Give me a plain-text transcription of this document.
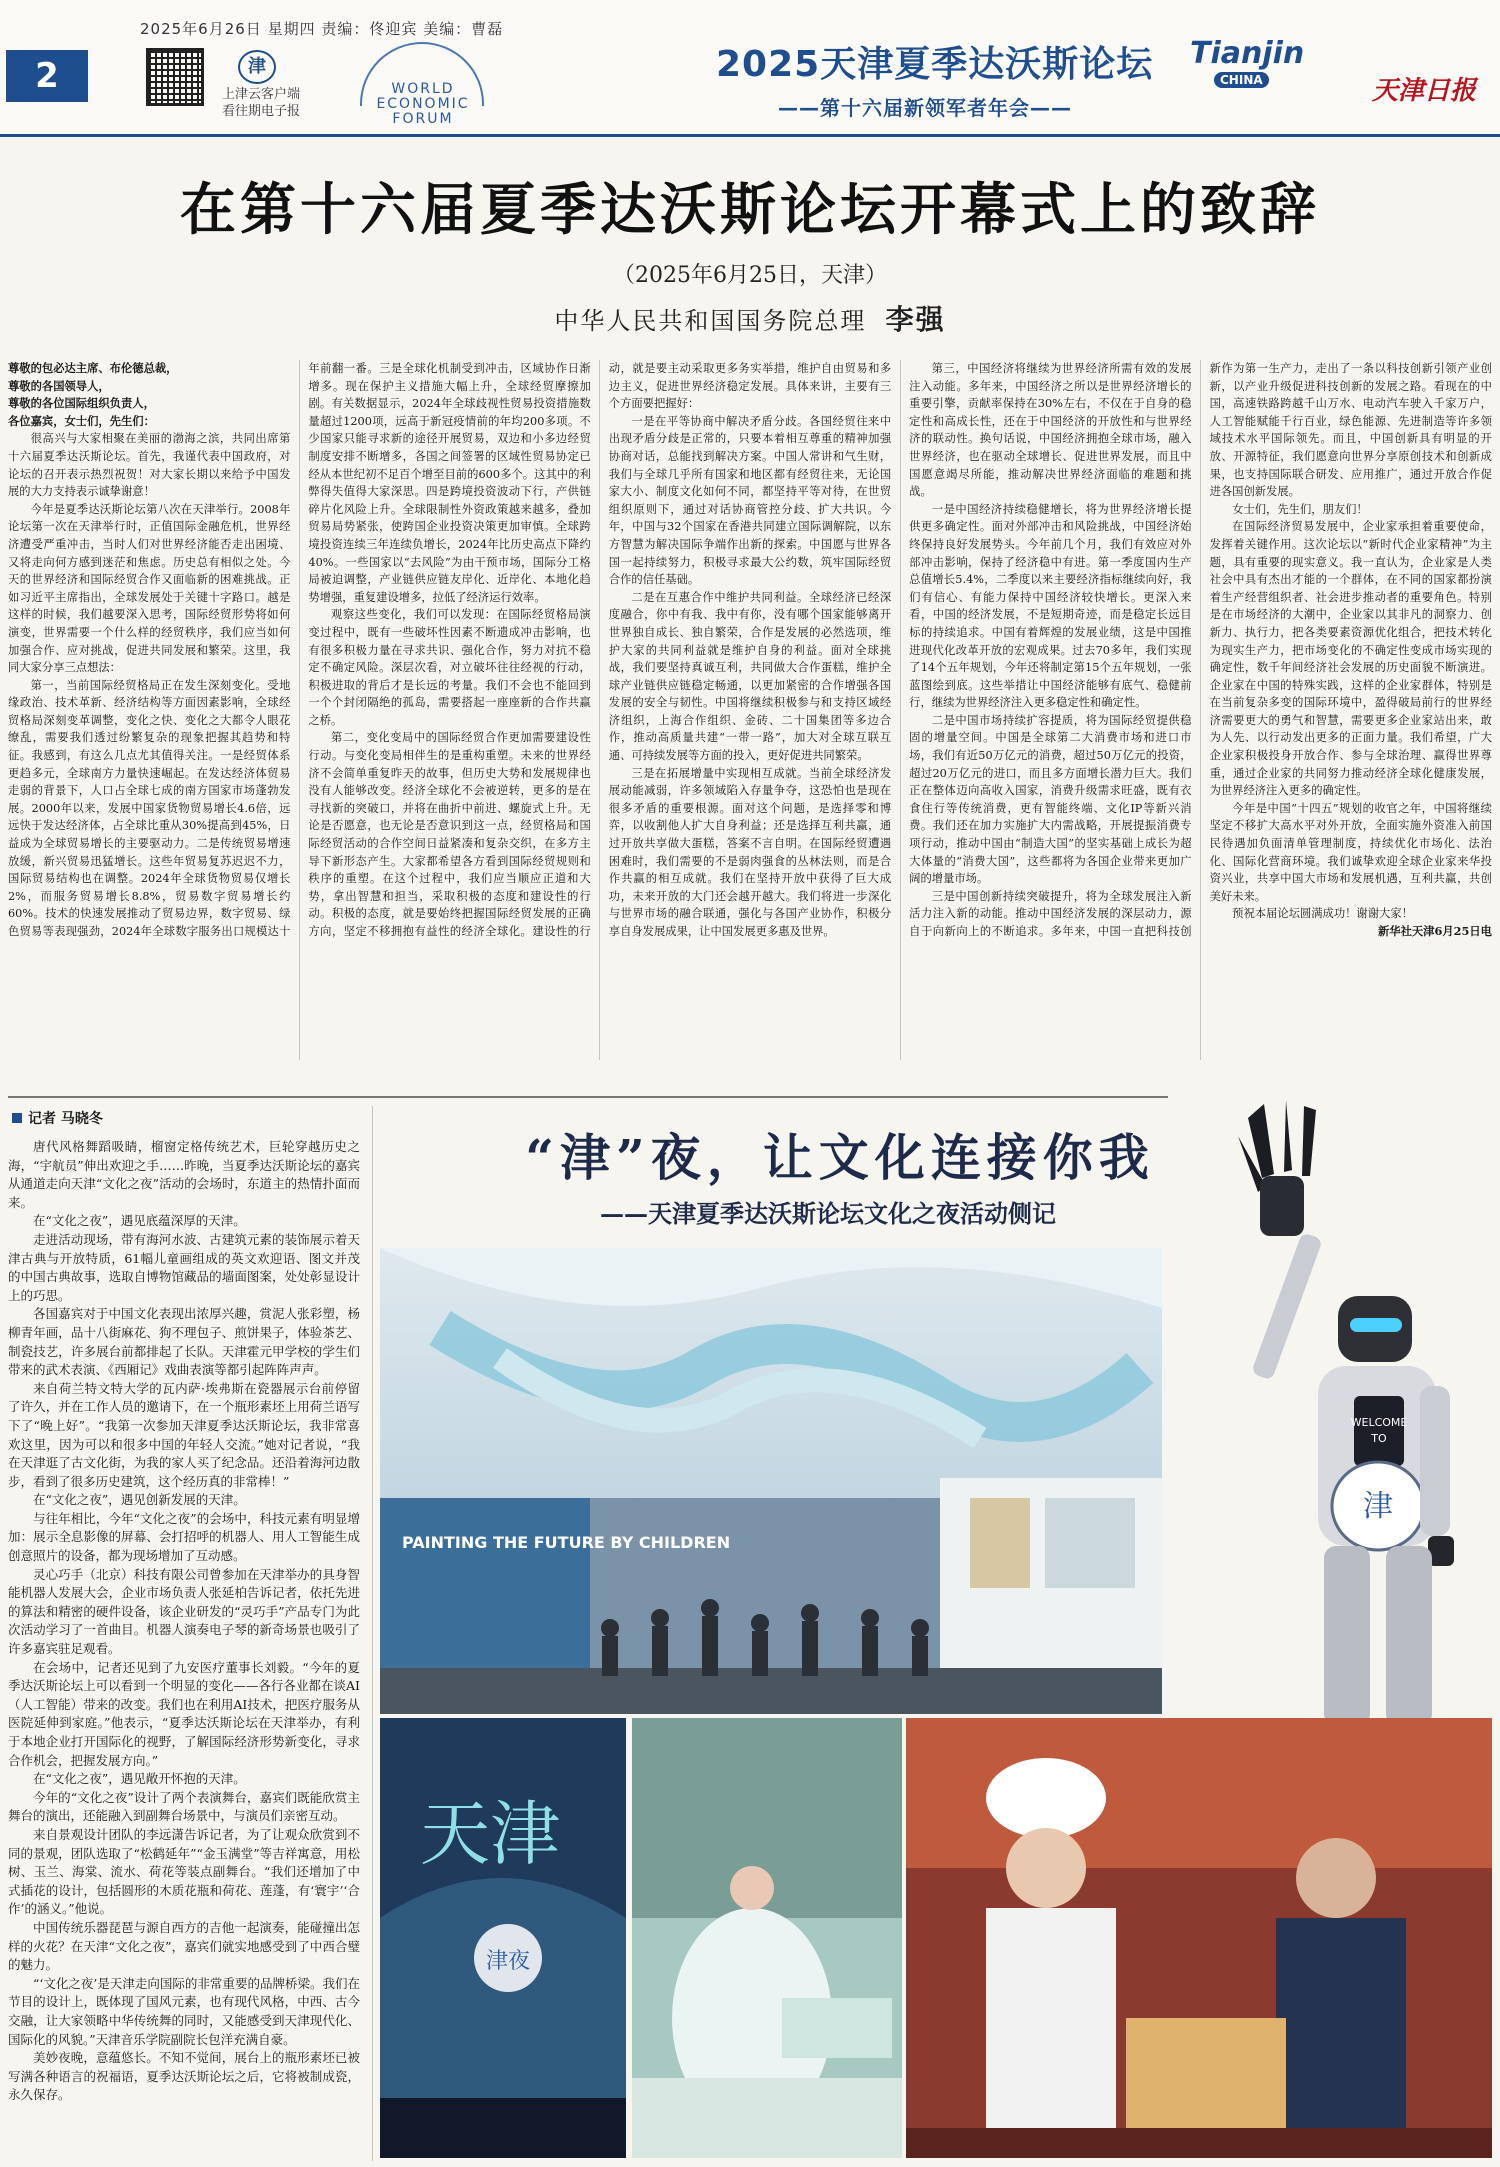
2
2025年6月26日 星期四 责编：佟迎宾 美编：曹磊
津
上津云客户端
看往期电子报
WORLD
ECONOMIC
FORUM
2025天津夏季达沃斯论坛
——第十六届新领军者年会——
Tianjin
CHINA	天津日报
在第十六届夏季达沃斯论坛开幕式上的致辞
（2025年6月25日，天津）
中华人民共和国国务院总理 李强

尊敬的包必达主席、布伦德总裁，

尊敬的各国领导人，

尊敬的各位国际组织负责人，

各位嘉宾，女士们，先生们：

很高兴与大家相聚在美丽的渤海之滨，共同出席第十六届夏季达沃斯论坛。首先，我谨代表中国政府，对论坛的召开表示热烈祝贺！对大家长期以来给予中国发展的大力支持表示诚挚谢意！

今年是夏季达沃斯论坛第八次在天津举行。2008年论坛第一次在天津举行时，正值国际金融危机，世界经济遭受严重冲击，当时人们对世界经济能否走出困境、又将走向何方感到迷茫和焦虑。历史总有相似之处。今天的世界经济和国际经贸合作又面临新的困难挑战。正如习近平主席指出，全球发展处于关键十字路口。越是这样的时候，我们越要深入思考，国际经贸形势将如何演变，世界需要一个什么样的经贸秩序，我们应当如何加强合作、应对挑战，促进共同发展和繁荣。这里，我同大家分享三点想法：

第一，当前国际经贸格局正在发生深刻变化。受地缘政治、技术革新、经济结构等方面因素影响，全球经贸格局深刻变革调整，变化之快、变化之大都令人眼花缭乱，需要我们透过纷繁复杂的现象把握其趋势和特征。我感到，有这么几点尤其值得关注。一是经贸体系更趋多元，全球南方力量快速崛起。在发达经济体贸易走弱的背景下，人口占全球七成的南方国家市场蓬勃发展。2000年以来，发展中国家货物贸易增长4.6倍，远远快于发达经济体，占全球比重从30%提高到45%，日益成为全球贸易增长的主要驱动力。二是传统贸易增速放缓，新兴贸易迅猛增长。这些年贸易复苏迟迟不力，国际贸易结构也在调整。2024年全球货物贸易仅增长2%，而服务贸易增长8.8%，贸易数字贸易增长约60%。技术的快速发展推动了贸易边界，数字贸易、绿色贸易等表现强劲，2024年全球数字服务出口规模达十年前翻一番。三是全球化机制受到冲击，区域协作日渐增多。现在保护主义措施大幅上升，全球经贸摩擦加剧。有关数据显示，2024年全球歧视性贸易投资措施数量超过1200项，远高于新冠疫情前的年均200多项。不少国家只能寻求新的途径开展贸易，双边和小多边经贸制度安排不断增多，各国之间签署的区域性贸易协定已经从本世纪初不足百个增至目前的600多个。这其中的利弊得失值得大家深思。四是跨境投资波动下行，产供链碎片化风险上升。全球限制性外资政策越来越多，叠加贸易局势紧张，使跨国企业投资决策更加审慎。全球跨境投资连续三年连续负增长，2024年比历史高点下降约40%。一些国家以“去风险”为由干预市场，国际分工格局被迫调整，产业链供应链友岸化、近岸化、本地化趋势增强，重复建设增多，拉低了经济运行效率。

观察这些变化，我们可以发现：在国际经贸格局演变过程中，既有一些破坏性因素不断遗成冲击影响，也有很多积极力量在寻求共识、强化合作，努力对抗不稳定不确定风险。深层次看，对立破坏往往经视的行动，积极进取的背后才是长远的考量。我们不会也不能回到一个个封闭隔绝的孤岛，需要搭起一座座新的合作共赢之桥。

第二，变化变局中的国际经贸合作更加需要建设性行动。与变化变局相伴生的是重构重塑。未来的世界经济不会简单重复昨天的故事，但历史大势和发展规律也没有人能够改变。经济全球化不会被逆转，更多的是在寻找新的突破口，并将在曲折中前进、螺旋式上升。无论是否愿意，也无论是否意识到这一点，经贸格局和国际经贸活动的合作空间日益紧凑和复杂交织，在多方主导下新形态产生。大家都希望各方看到国际经贸规则和秩序的重塑。在这个过程中，我们应当顺应正道和大势，拿出智慧和担当，采取积极的态度和建设性的行动。积极的态度，就是要始终把握国际经贸发展的正确方向，坚定不移拥抱有益性的经济全球化。建设性的行动，就是要主动采取更多务实举措，维护自由贸易和多边主义，促进世界经济稳定发展。具体来讲，主要有三个方面要把握好：

一是在平等协商中解决矛盾分歧。各国经贸往来中出现矛盾分歧是正常的，只要本着相互尊重的精神加强协商对话，总能找到解决方案。中国人常讲和气生财，我们与全球几乎所有国家和地区都有经贸往来，无论国家大小、制度文化如何不同，都坚持平等对待，在世贸组织原则下，通过对话协商管控分歧、扩大共识。今年，中国与32个国家在香港共同建立国际调解院，以东方智慧为解决国际争端作出新的探索。中国愿与世界各国一起持续努力，积极寻求最大公约数，筑牢国际经贸合作的信任基础。

二是在互惠合作中维护共同利益。全球经济已经深度融合，你中有我、我中有你，没有哪个国家能够离开世界独自成长、独自繁荣，合作是发展的必然选项，维护大家的共同利益就是维护自身的利益。面对全球挑战，我们要坚持真诚互利，共同做大合作蛋糕，维护全球产业链供应链稳定畅通，以更加紧密的合作增强各国发展的安全与韧性。中国将继续积极参与和支持区域经济组织，上海合作组织、金砖、二十国集团等多边合作，推动高质量共建“一带一路”，加大对全球互联互通、可持续发展等方面的投入，更好促进共同繁荣。

三是在拓展增量中实现相互成就。当前全球经济发展动能减弱，许多领域陷入存量争夺，这恐怕也是现在很多矛盾的重要根源。面对这个问题，是选择零和博弈，以收割他人扩大自身利益；还是选择互利共赢，通过开放共享做大蛋糕，答案不言自明。在国际经贸遭遇困难时，我们需要的不是弱肉强食的丛林法则，而是合作共赢的相互成就。我们在坚持开放中获得了巨大成功，未来开放的大门还会越开越大。我们将进一步深化与世界市场的融合联通，强化与各国产业协作，积极分享自身发展成果，让中国发展更多惠及世界。

第三，中国经济将继续为世界经济所需有效的发展注入动能。多年来，中国经济之所以是世界经济增长的重要引擎，贡献率保持在30%左右，不仅在于自身的稳定性和高成长性，还在于中国经济的开放性和与世界经济的联动性。换句话说，中国经济拥抱全球市场，融入世界经济，也在驱动全球增长、促进世界发展，而且中国愿意竭尽所能，推动解决世界经济面临的难题和挑战。

一是中国经济持续稳健增长，将为世界经济增长提供更多确定性。面对外部冲击和风险挑战，中国经济始终保持良好发展势头。今年前几个月，我们有效应对外部冲击影响，保持了经济稳中有进。第一季度国内生产总值增长5.4%，二季度以来主要经济指标继续向好，我们有信心、有能力保持中国经济较快增长。更深入来看，中国的经济发展，不是短期奇迹，而是稳定长远目标的持续追求。中国有着辉煌的发展业绩，这是中国推进现代化改革开放的宏观成果。过去70多年，我们实现了14个五年规划，今年还将制定第15个五年规划，一张蓝图绘到底。这些举措让中国经济能够有底气、稳健前行，继续为世界经济注入更多稳定性和确定性。

二是中国市场持续扩容提质，将为国际经贸提供稳固的增量空间。中国是全球第二大消费市场和进口市场，我们有近50万亿元的消费，超过50万亿元的投资，超过20万亿元的进口，而且多方面增长潜力巨大。我们正在整体迈向高收入国家，消费升级需求旺盛，既有衣食住行等传统消费，更有智能终端、文化IP等新兴消费。我们还在加力实施扩大内需战略，开展提振消费专项行动，推动中国由“制造大国”的坚实基础上成长为超大体量的“消费大国”，这些都将为各国企业带来更加广阔的增量市场。

三是中国创新持续突破提升，将为全球发展注入新活力注入新的动能。推动中国经济发展的深层动力，源自于向新向上的不断追求。多年来，中国一直把科技创新作为第一生产力，走出了一条以科技创新引领产业创新，以产业升级促进科技创新的发展之路。看现在的中国，高速铁路跨越千山万水、电动汽车驶入千家万户，人工智能赋能千行百业，绿色能源、先进制造等许多领域技术水平国际领先。而且，中国创新具有明显的开放、开源特征，我们愿意向世界分享原创技术和创新成果，也支持国际联合研发、应用推广，通过开放合作促进各国创新发展。

女士们，先生们，朋友们！

在国际经济贸易发展中，企业家承担着重要使命，发挥着关键作用。这次论坛以“新时代企业家精神”为主题，具有重要的现实意义。我一直认为，企业家是人类社会中具有杰出才能的一个群体，在不同的国家都扮演着生产经营组织者、社会进步推动者的重要角色。特别是在市场经济的大潮中，企业家以其非凡的洞察力、创新力、执行力，把各类要素资源优化组合，把技术转化为现实生产力，把市场变化的不确定性变成市场实现的确定性，数千年间经济社会发展的历史面貌不断演进。企业家在中国的特殊实践，这样的企业家群体，特别是在当前复杂多变的国际环境中，盈得破局前行的世界经济需要更大的勇气和智慧，需要更多企业家站出来，敢为人先、以行动发出更多的正面力量。我们希望，广大企业家积极投身开放合作、参与全球治理、赢得世界尊重，通过企业家的共同努力推动经济全球化健康发展，为世界经济注入更多的确定性。

今年是中国“十四五”规划的收官之年，中国将继续坚定不移扩大高水平对外开放，全面实施外资准入前国民待遇加负面清单管理制度，持续优化市场化、法治化、国际化营商环境。我们诚挚欢迎全球企业家来华投资兴业，共享中国大市场和发展机遇，互利共赢，共创美好未来。

预祝本届论坛圆满成功！谢谢大家！

新华社天津6月25日电

记者 马晓冬

唐代风格舞蹈吸睛，榴窗定格传统艺术，巨轮穿越历史之海，“宇航员”伸出欢迎之手……昨晚，当夏季达沃斯论坛的嘉宾从通道走向天津“文化之夜”活动的会场时，东道主的热情扑面而来。

在“文化之夜”，遇见底蕴深厚的天津。

走进活动现场，带有海河水波、古建筑元素的装饰展示着天津古典与开放特质，61幅儿童画组成的英文欢迎语、图文并茂的中国古典故事，选取自博物馆藏品的墙面图案，处处彰显设计上的巧思。

各国嘉宾对于中国文化表现出浓厚兴趣，赏泥人张彩塑，杨柳青年画，品十八街麻花、狗不理包子、煎饼果子，体验茶艺、制瓷技艺，许多展台前都排起了长队。天津霍元甲学校的学生们带来的武术表演、《西厢记》戏曲表演等都引起阵阵声声。

来自荷兰特文特大学的瓦内萨·埃弗斯在瓷器展示台前停留了许久，并在工作人员的邀请下，在一个瓶形素坯上用荷兰语写下了“晚上好”。“我第一次参加天津夏季达沃斯论坛，我非常喜欢这里，因为可以和很多中国的年轻人交流。”她对记者说，“我在天津逛了古文化街，为我的家人买了纪念品。还沿着海河边散步，看到了很多历史建筑，这个经历真的非常棒！”

在“文化之夜”，遇见创新发展的天津。

与往年相比，今年“文化之夜”的会场中，科技元素有明显增加：展示全息影像的屏幕、会打招呼的机器人、用人工智能生成创意照片的设备，都为现场增加了互动感。

灵心巧手（北京）科技有限公司曾参加在天津举办的具身智能机器人发展大会，企业市场负责人张延柏告诉记者，依托先进的算法和精密的硬件设备，该企业研发的“灵巧手”产品专门为此次活动学习了一首曲目。机器人演奏电子琴的新奇场景也吸引了许多嘉宾驻足观看。

在会场中，记者还见到了九安医疗董事长刘毅。“今年的夏季达沃斯论坛上可以看到一个明显的变化——各行各业都在谈AI（人工智能）带来的改变。我们也在利用AI技术，把医疗服务从医院延伸到家庭。”他表示，“夏季达沃斯论坛在天津举办，有利于本地企业打开国际化的视野，了解国际经济形势新变化，寻求合作机会，把握发展方向。”

在“文化之夜”，遇见敞开怀抱的天津。

今年的“文化之夜”设计了两个表演舞台，嘉宾们既能欣赏主舞台的演出，还能融入到副舞台场景中，与演员们亲密互动。

来自景观设计团队的李远潇告诉记者，为了让观众欣赏到不同的景观，团队选取了“松鹤延年”“金玉满堂”等吉祥寓意，用松树、玉兰、海棠、流水、荷花等装点副舞台。“我们还增加了中式插花的设计，包括圆形的木质花瓶和荷花、莲蓬，有‘寰宇’‘合作’的涵义。”他说。

中国传统乐器琵琶与源自西方的吉他一起演奏，能碰撞出怎样的火花？在天津“文化之夜”，嘉宾们就实地感受到了中西合璧的魅力。

“‘文化之夜’是天津走向国际的非常重要的品牌桥梁。我们在节目的设计上，既体现了国风元素，也有现代风格，中西、古今交融，让大家领略中华传统舞的同时，又能感受到天津现代化、国际化的风貌。”天津音乐学院副院长包洋充满自豪。

美妙夜晚，意蕴悠长。不知不觉间，展台上的瓶形素坯已被写满各种语言的祝福语，夏季达沃斯论坛之后，它将被制成瓷，永久保存。

“津”夜，让文化连接你我
——天津夏季达沃斯论坛文化之夜活动侧记
WELCOME
TO
津
PAINTING THE FUTURE BY CHILDREN
天津
津夜
